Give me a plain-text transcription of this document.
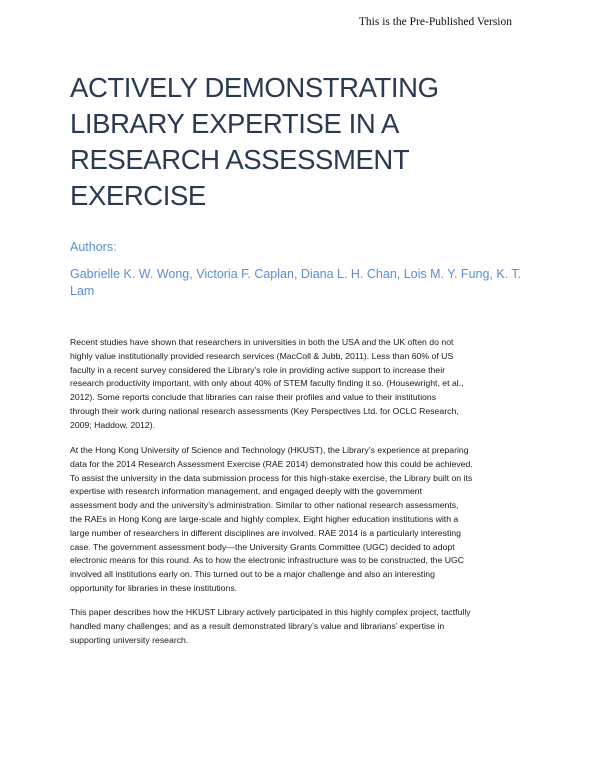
This is the Pre-Published Version

ACTIVELY DEMONSTRATING
LIBRARY EXPERTISE IN A
RESEARCH ASSESSMENT
EXERCISE

Authors:

Gabrielle K. W. Wong, Victoria F. Caplan, Diana L. H. Chan, Lois M. Y. Fung, K. T.
Lam

Recent studies have shown that researchers in universities in both the USA and the UK often do not
highly value institutionally provided research services (MacColl & Jubb, 2011). Less than 60% of US
faculty in a recent survey considered the Library’s role in providing active support to increase their
research productivity important, with only about 40% of STEM faculty finding it so. (Housewright, et al.,
2012). Some reports conclude that libraries can raise their profiles and value to their institutions
through their work during national research assessments (Key Perspectives Ltd. for OCLC Research,
2009; Haddow, 2012).

At the Hong Kong University of Science and Technology (HKUST), the Library’s experience at preparing
data for the 2014 Research Assessment Exercise (RAE 2014) demonstrated how this could be achieved.
To assist the university in the data submission process for this high-stake exercise, the Library built on its
expertise with research information management, and engaged deeply with the government
assessment body and the university’s administration. Similar to other national research assessments,
the RAEs in Hong Kong are large-scale and highly complex. Eight higher education institutions with a
large number of researchers in different disciplines are involved. RAE 2014 is a particularly interesting
case. The government assessment body—the University Grants Committee (UGC) decided to adopt
electronic means for this round. As to how the electronic infrastructure was to be constructed, the UGC
involved all institutions early on. This turned out to be a major challenge and also an interesting
opportunity for libraries in these institutions.

This paper describes how the HKUST Library actively participated in this highly complex project, tactfully
handled many challenges; and as a result demonstrated library’s value and librarians’ expertise in
supporting university research.
